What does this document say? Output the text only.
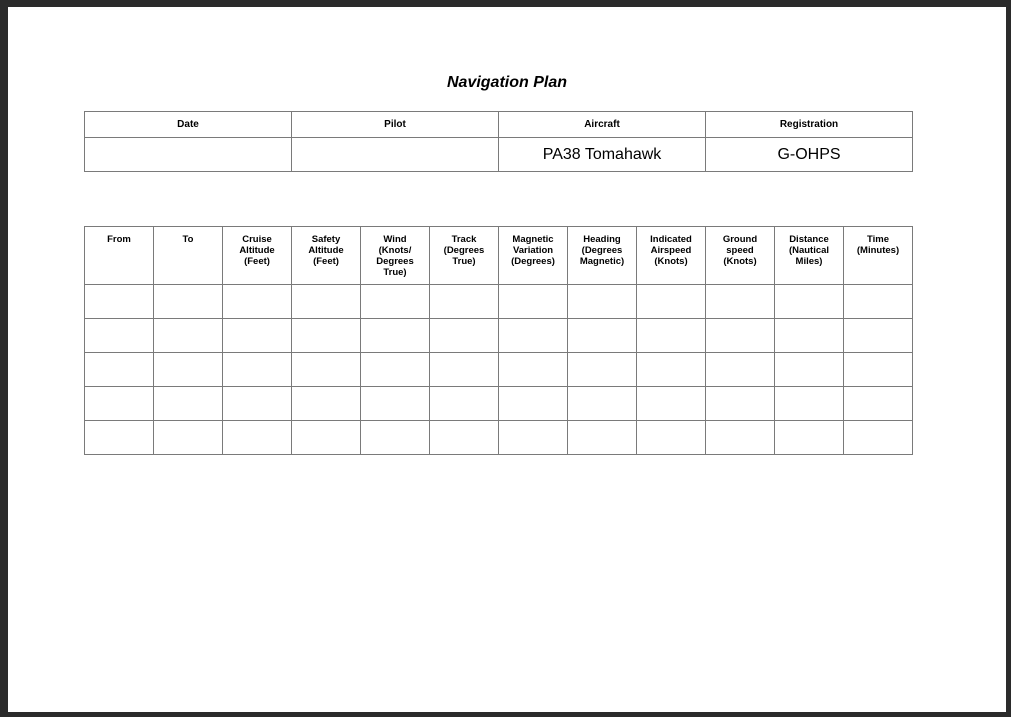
Navigation Plan
Date	Pilot	Aircraft	Registration
		PA38 Tomahawk	G-OHPS
From	To	Cruise
Altitude
(Feet)	Safety
Altitude
(Feet)	Wind
(Knots/
Degrees
True)	Track
(Degrees
True)	Magnetic
Variation
(Degrees)	Heading
(Degrees
Magnetic)	Indicated
Airspeed
(Knots)	Ground
speed
(Knots)	Distance
(Nautical
Miles)	Time
(Minutes)
